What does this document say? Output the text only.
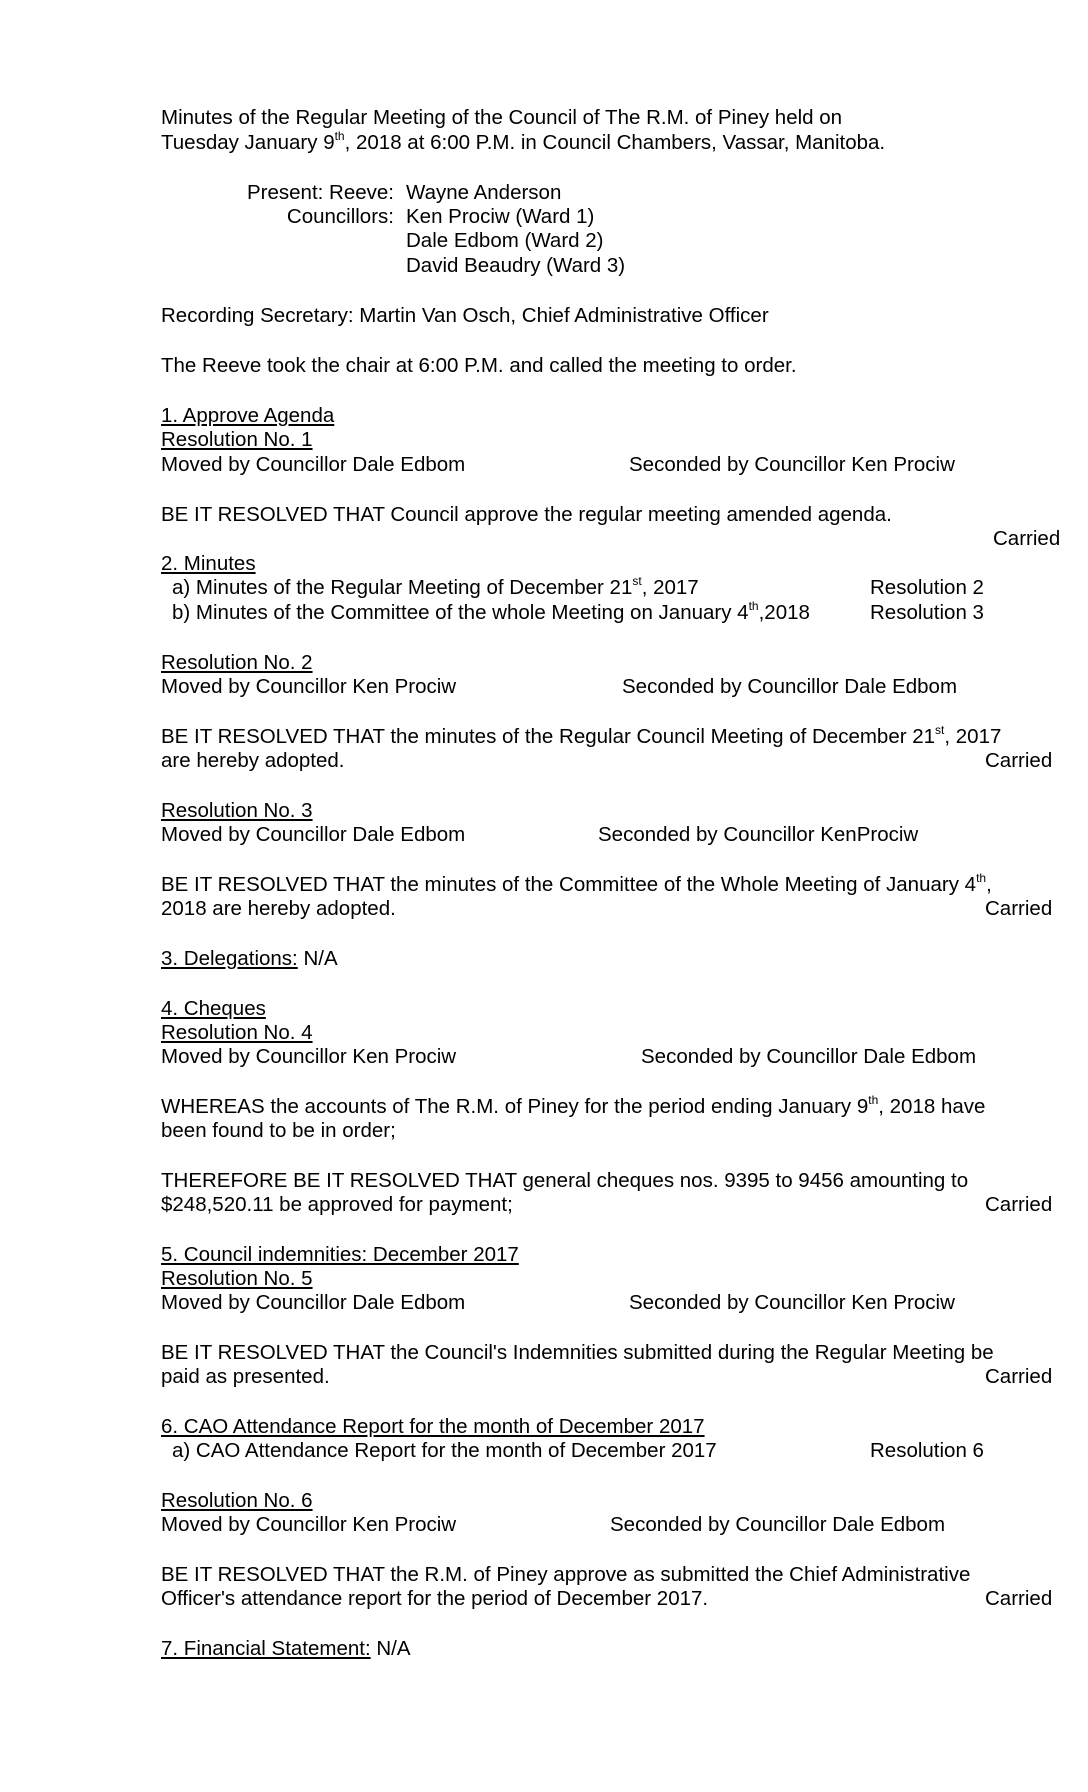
Minutes of the Regular Meeting of the Council of The R.M. of Piney held on
Tuesday January 9th, 2018 at 6:00 P.M. in Council Chambers, Vassar, Manitoba.
Present: Reeve: Wayne Anderson
Councillors: Ken Prociw (Ward 1)
Dale Edbom (Ward 2)
David Beaudry (Ward 3)
Recording Secretary: Martin Van Osch, Chief Administrative Officer
The Reeve took the chair at 6:00 P.M. and called the meeting to order.
1. Approve Agenda
Resolution No. 1
Moved by Councillor Dale Edbom	Seconded by Councillor Ken Prociw
BE IT RESOLVED THAT Council approve the regular meeting amended agenda.
Carried
2. Minutes
a) Minutes of the Regular Meeting of December 21st, 2017	Resolution 2
b) Minutes of the Committee of the whole Meeting on January 4th,2018	Resolution 3
Resolution No. 2
Moved by Councillor Ken Prociw	Seconded by Councillor Dale Edbom
BE IT RESOLVED THAT the minutes of the Regular Council Meeting of December 21st, 2017
are hereby adopted.	Carried
Resolution No. 3
Moved by Councillor Dale Edbom	Seconded by Councillor KenProciw
BE IT RESOLVED THAT the minutes of the Committee of the Whole Meeting of January 4th,
2018 are hereby adopted.	Carried
3. Delegations: N/A
4. Cheques
Resolution No. 4
Moved by Councillor Ken Prociw	Seconded by Councillor Dale Edbom
WHEREAS the accounts of The R.M. of Piney for the period ending January 9th, 2018 have
been found to be in order;
THEREFORE BE IT RESOLVED THAT general cheques nos. 9395 to 9456 amounting to
$248,520.11 be approved for payment;	Carried
5. Council indemnities: December 2017
Resolution No. 5
Moved by Councillor Dale Edbom	Seconded by Councillor Ken Prociw
BE IT RESOLVED THAT the Council's Indemnities submitted during the Regular Meeting be
paid as presented.	Carried
6. CAO Attendance Report for the month of December 2017
a) CAO Attendance Report for the month of December 2017	Resolution 6
Resolution No. 6
Moved by Councillor Ken Prociw	Seconded by Councillor Dale Edbom
BE IT RESOLVED THAT the R.M. of Piney approve as submitted the Chief Administrative
Officer's attendance report for the period of December 2017.	Carried
7. Financial Statement: N/A
